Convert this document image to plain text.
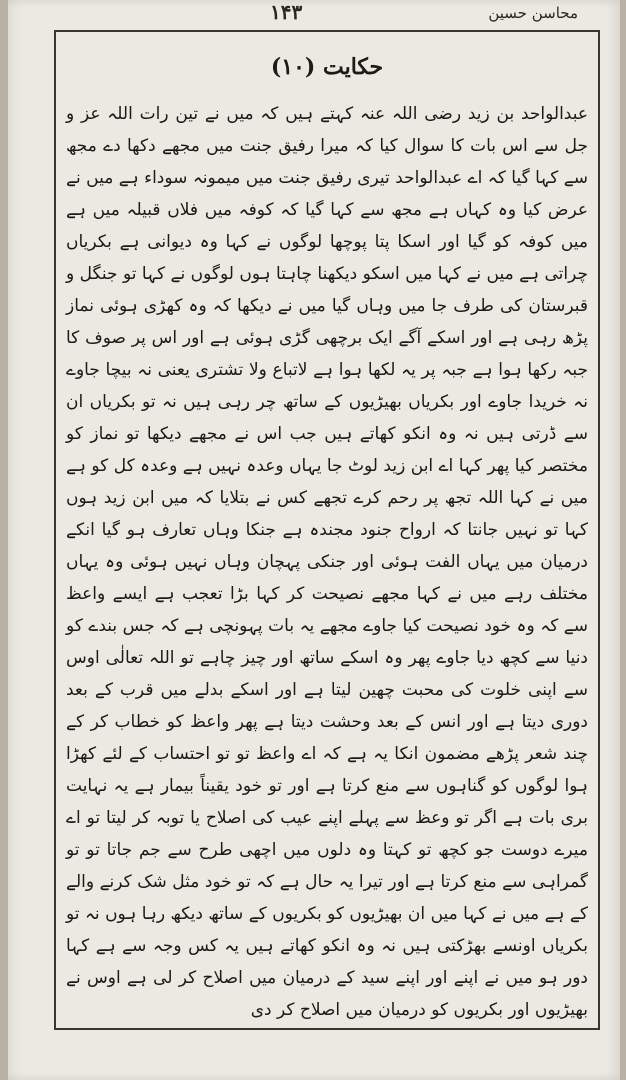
۱۴۳	محاسن حسین
حکایت (۱۰)
عبدالواحد بن زید رضی اللہ عنہ کہتے ہیں کہ میں نے تین رات اللہ عز و جل سے اس بات کا سوال کیا کہ میرا رفیق جنت میں مجھے دکھا دے مجھ سے کہا گیا کہ اے عبدالواحد تیری رفیق جنت میں میمونہ سوداء ہے میں نے عرض کیا وہ کہاں ہے مجھ سے کہا گیا کہ کوفہ میں فلاں قبیلہ میں ہے میں کوفہ کو گیا اور اسکا پتا پوچھا لوگوں نے کہا وہ دیوانی ہے بکریاں چراتی ہے میں نے کہا میں اسکو دیکھنا چاہتا ہوں لوگوں نے کہا تو جنگل و قبرستان کی طرف جا میں وہاں گیا میں نے دیکھا کہ وہ کھڑی ہوئی نماز پڑھ رہی ہے اور اسکے آگے ایک برچھی گڑی ہوئی ہے اور اس پر صوف کا جبہ رکھا ہوا ہے جبہ پر یہ لکھا ہوا ہے لاتباع ولا تشتری یعنی نہ بیچا جاوے نہ خریدا جاوے اور بکریاں بھیڑیوں کے ساتھ چر رہی ہیں نہ تو بکریاں ان سے ڈرتی ہیں نہ وہ انکو کھاتے ہیں جب اس نے مجھے دیکھا تو نماز کو مختصر کیا پھر کہا اے ابن زید لوٹ جا یہاں وعدہ نہیں ہے وعدہ کل کو ہے میں نے کہا اللہ تجھ پر رحم کرے تجھے کس نے بتلایا کہ میں ابن زید ہوں کہا تو نہیں جانتا کہ ارواح جنود مجندہ ہے جنکا وہاں تعارف ہو گیا انکے درمیان میں یہاں الفت ہوئی اور جنکی پہچان وہاں نہیں ہوئی وہ یہاں مختلف رہے میں نے کہا مجھے نصیحت کر کہا بڑا تعجب ہے ایسے واعظ سے کہ وہ خود نصیحت کیا جاوے مجھے یہ بات پہونچی ہے کہ جس بندے کو دنیا سے کچھ دیا جاوے پھر وہ اسکے ساتھ اور چیز چاہے تو اللہ تعالٰی اوس سے اپنی خلوت کی محبت چھین لیتا ہے اور اسکے بدلے میں قرب کے بعد دوری دیتا ہے اور انس کے بعد وحشت دیتا ہے پھر واعظ کو خطاب کر کے چند شعر پڑھے مضمون انکا یہ ہے کہ اے واعظ تو تو احتساب کے لئے کھڑا ہوا لوگوں کو گناہوں سے منع کرتا ہے اور تو خود یقیناً بیمار ہے یہ نہایت بری بات ہے اگر تو وعظ سے پہلے اپنے عیب کی اصلاح یا توبہ کر لیتا تو اے میرے دوست جو کچھ تو کہتا وہ دلوں میں اچھی طرح سے جم جاتا تو تو گمراہی سے منع کرتا ہے اور تیرا یہ حال ہے کہ تو خود مثل شک کرنے والے کے ہے میں نے کہا میں ان بھیڑیوں کو بکریوں کے ساتھ دیکھ رہا ہوں نہ تو بکریاں اونسے بھڑکتی ہیں نہ وہ انکو کھاتے ہیں یہ کس وجہ سے ہے کہا دور ہو میں نے اپنے اور اپنے سید کے درمیان میں اصلاح کر لی ہے اوس نے بھیڑیوں اور بکریوں کو درمیان میں اصلاح کر دی
